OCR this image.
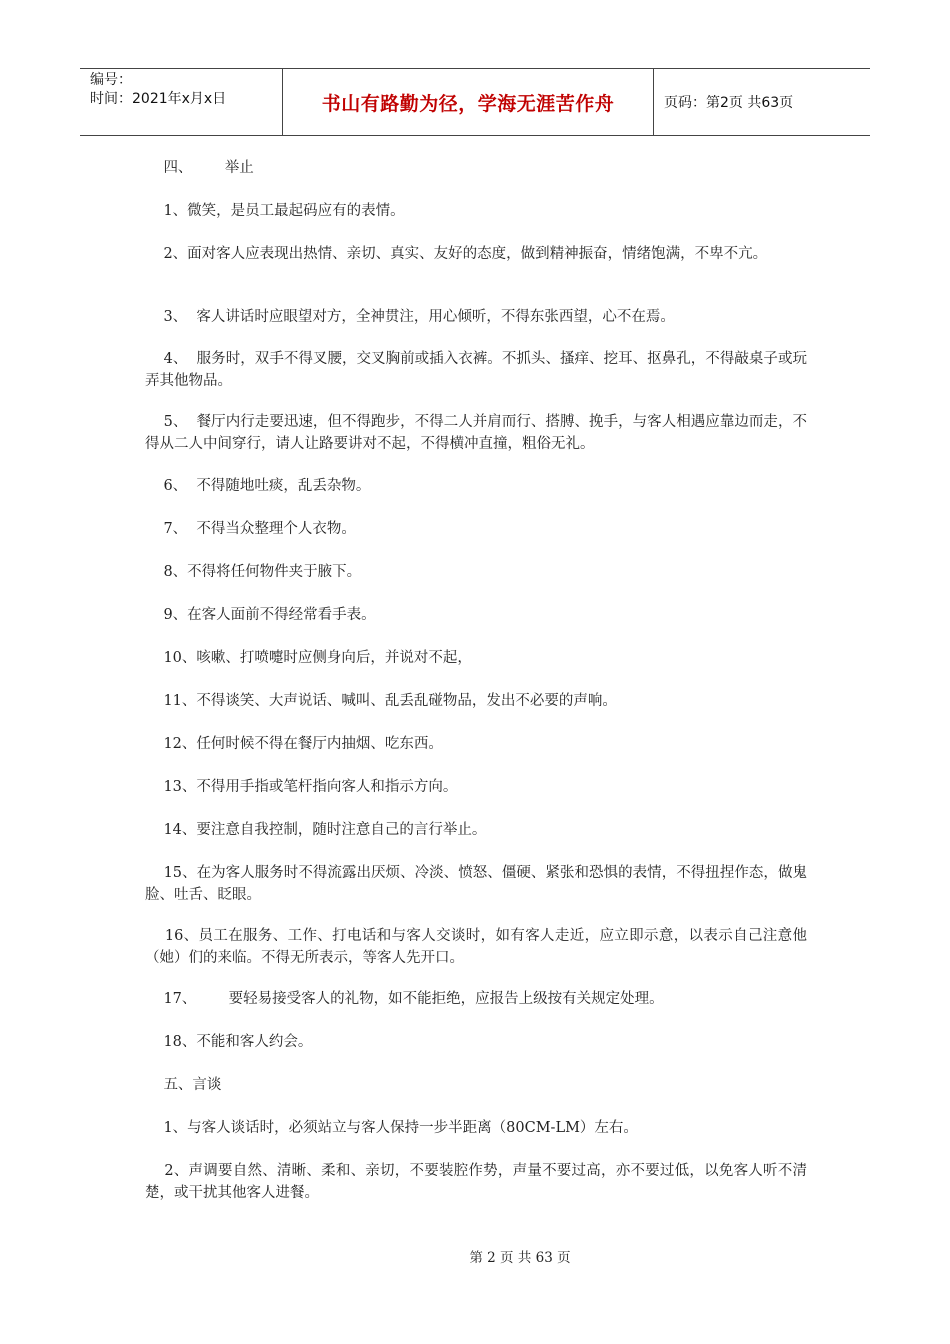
编号：
时间：2021年x月x日	书山有路勤为径，学海无涯苦作舟	页码：第2页 共63页
四、       举止
1、微笑，是员工最起码应有的表情。
2、面对客人应表现出热情、亲切、真实、友好的态度，做到精神振奋，情绪饱满，不卑不亢。
3、  客人讲话时应眼望对方，全神贯注，用心倾听，不得东张西望，心不在焉。
4、  服务时，双手不得叉腰，交叉胸前或插入衣裤。不抓头、搔痒、挖耳、抠鼻孔，不得敲桌子或玩弄其他物品。
5、  餐厅内行走要迅速，但不得跑步，不得二人并肩而行、搭膊、挽手，与客人相遇应靠边而走，不得从二人中间穿行，请人让路要讲对不起，不得横冲直撞，粗俗无礼。
6、  不得随地吐痰，乱丢杂物。
7、  不得当众整理个人衣物。
8、不得将任何物件夹于腋下。
9、在客人面前不得经常看手表。
10、咳嗽、打喷嚏时应侧身向后，并说对不起，
11、不得谈笑、大声说话、喊叫、乱丢乱碰物品，发出不必要的声响。
12、任何时候不得在餐厅内抽烟、吃东西。
13、不得用手指或笔杆指向客人和指示方向。
14、要注意自我控制，随时注意自己的言行举止。
15、在为客人服务时不得流露出厌烦、冷淡、愤怒、僵硬、紧张和恐惧的表情，不得扭捏作态，做鬼脸、吐舌、眨眼。
16、员工在服务、工作、打电话和与客人交谈时，如有客人走近，应立即示意，以表示自己注意他（她）们的来临。不得无所表示，等客人先开口。
17、       要轻易接受客人的礼物，如不能拒绝，应报告上级按有关规定处理。
18、不能和客人约会。
五、言谈
1、与客人谈话时，必须站立与客人保持一步半距离（80CM-LM）左右。
2、声调要自然、清晰、柔和、亲切，不要装腔作势，声量不要过高，亦不要过低，以免客人听不清楚，或干扰其他客人进餐。
第 2 页 共 63 页
